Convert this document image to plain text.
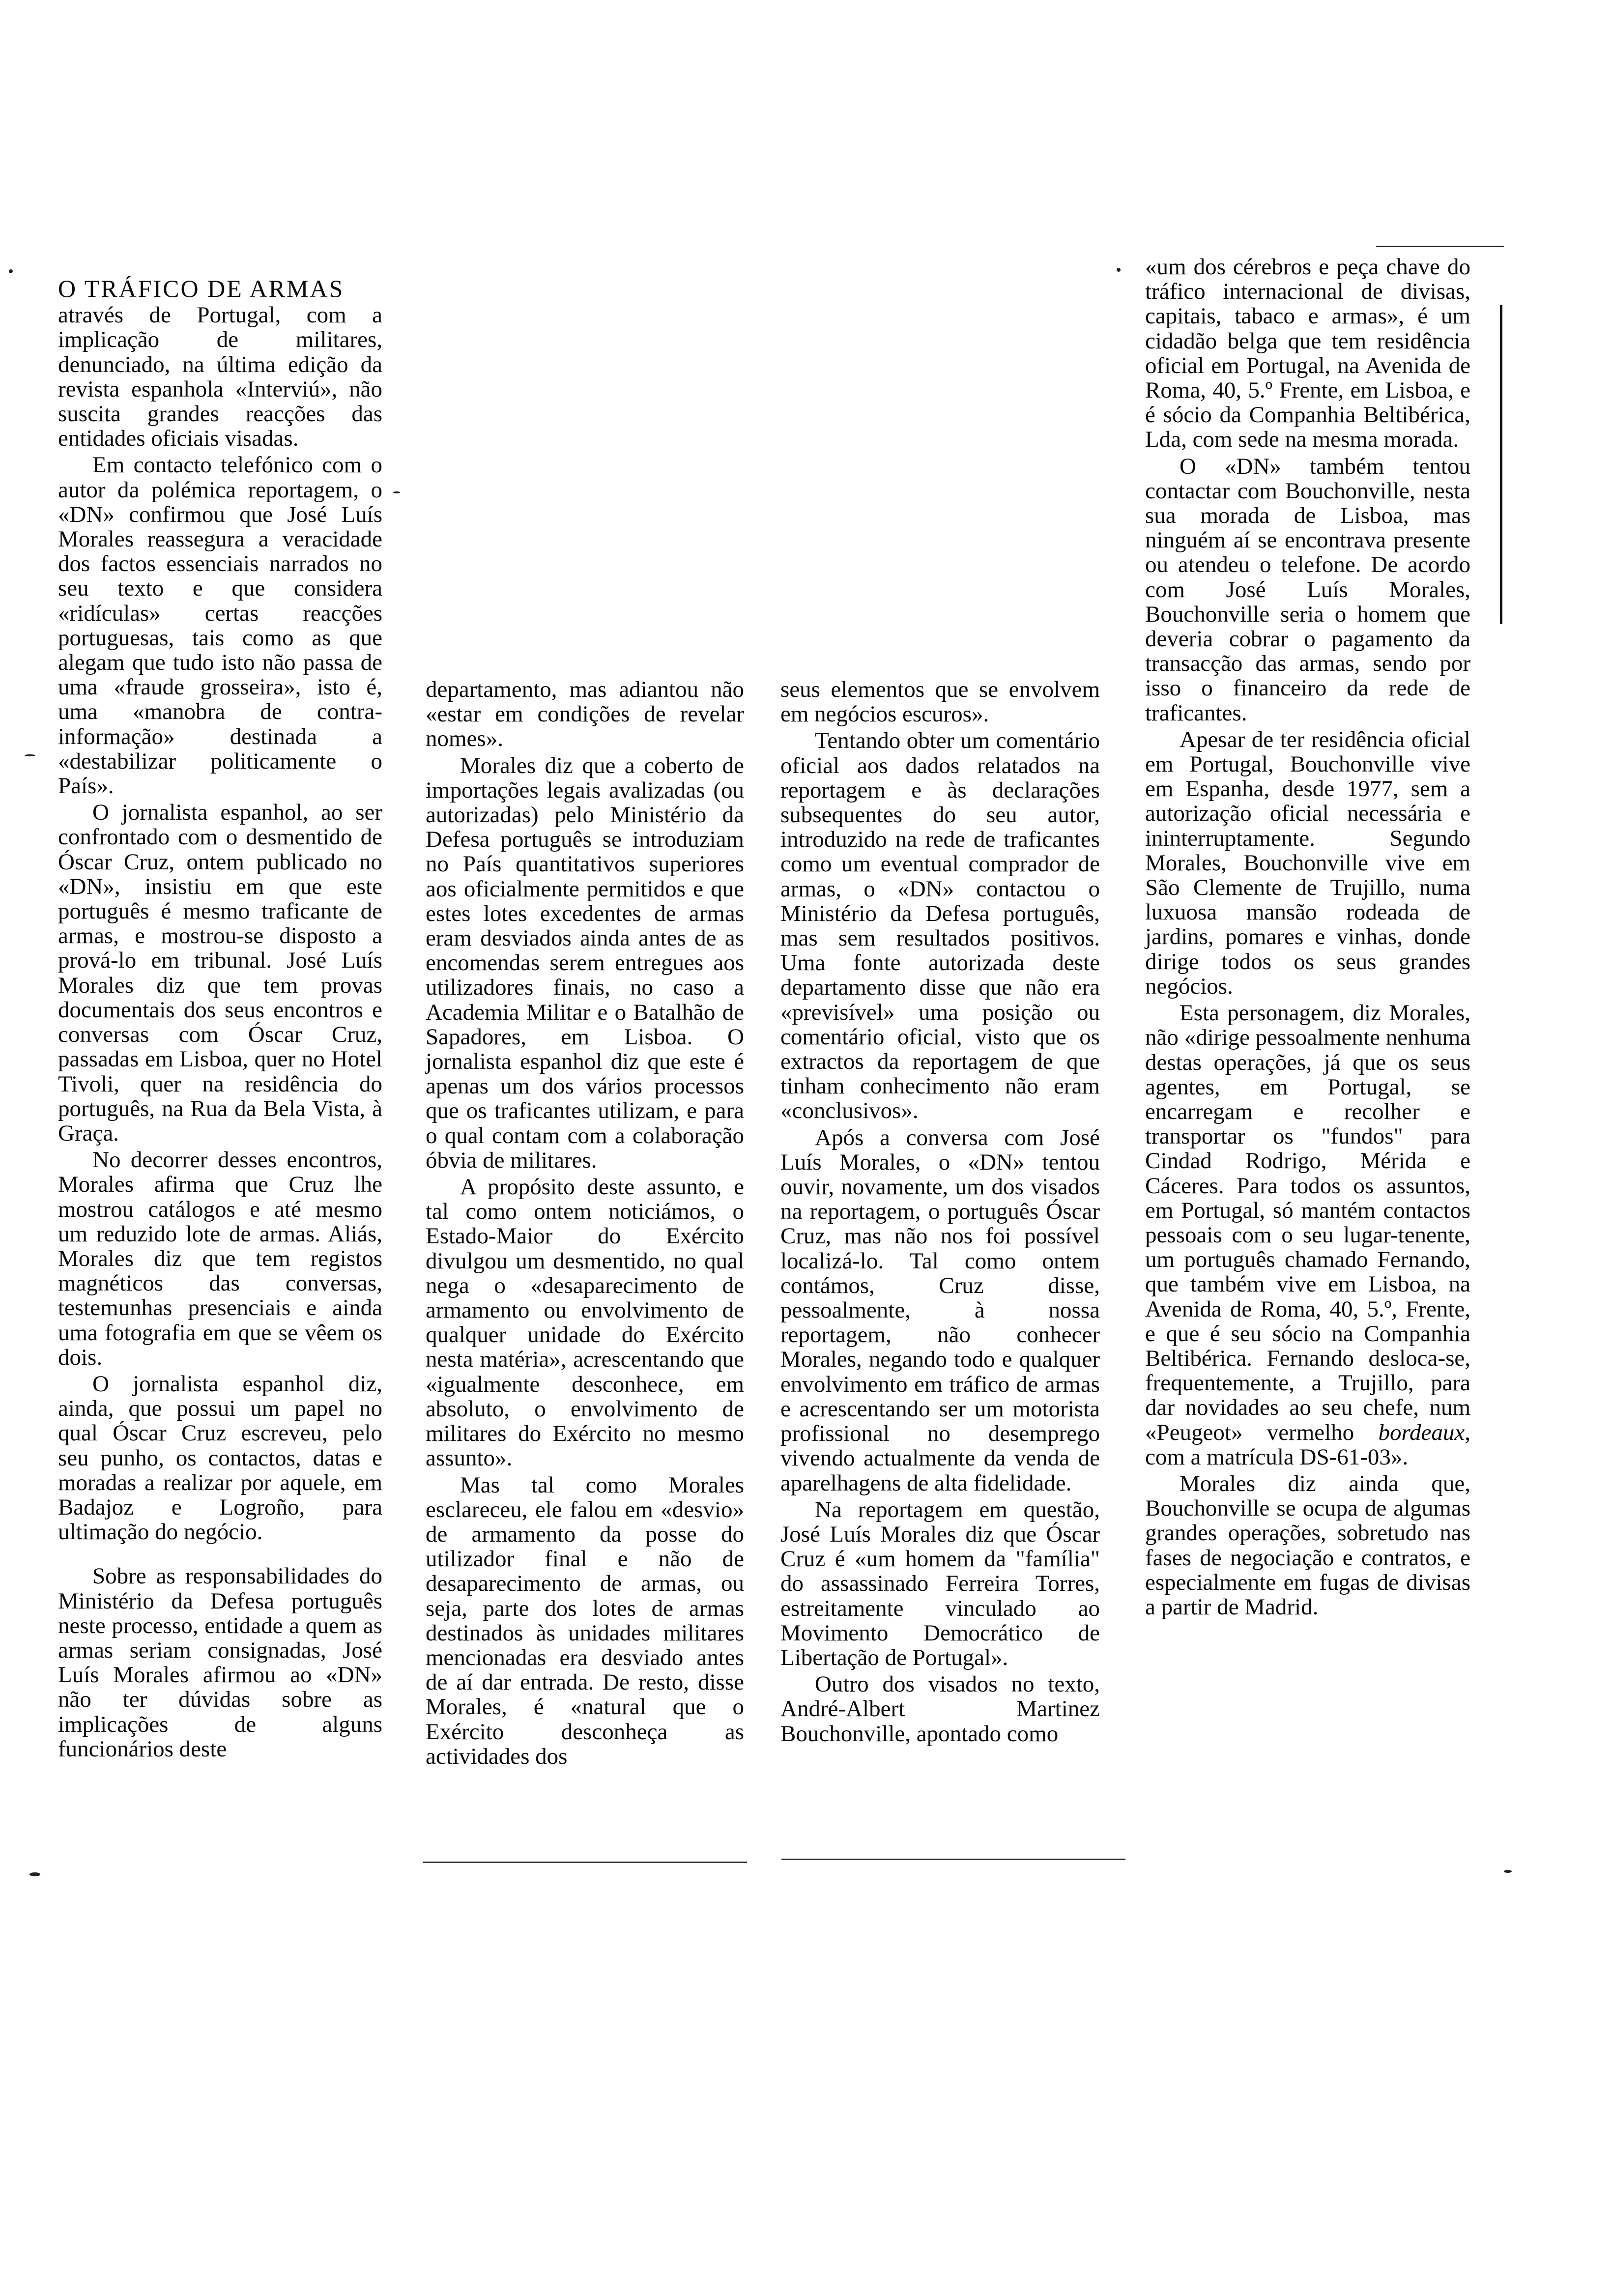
O TRÁFICO DE ARMAS

através de Portugal, com a implicação de militares, denunciado, na última edição da revista espanhola «Interviú», não suscita grandes reacções das entidades oficiais visadas.

Em contacto telefónico com o autor da polémica reportagem, o «DN» confirmou que José Luís Morales reassegura a veracidade dos factos essenciais narrados no seu texto e que considera «ridículas» certas reacções portuguesas, tais como as que alegam que tudo isto não passa de uma «fraude grosseira», isto é, uma «manobra de contra-informação» destinada a «destabilizar politicamente o País».

O jornalista espanhol, ao ser confrontado com o desmentido de Óscar Cruz, ontem publicado no «DN», insistiu em que este português é mesmo traficante de armas, e mostrou-se disposto a prová-lo em tribunal. José Luís Morales diz que tem provas documentais dos seus encontros e conversas com Óscar Cruz, passadas em Lisboa, quer no Hotel Tivoli, quer na residência do português, na Rua da Bela Vista, à Graça.

No decorrer desses encontros, Morales afirma que Cruz lhe mostrou catálogos e até mesmo um reduzido lote de armas. Aliás, Morales diz que tem registos magnéticos das conversas, testemunhas presenciais e ainda uma fotografia em que se vêem os dois.

O jornalista espanhol diz, ainda, que possui um papel no qual Óscar Cruz escreveu, pelo seu punho, os contactos, datas e moradas a realizar por aquele, em Badajoz e Logroño, para ultimação do negócio.

Sobre as responsabilidades do Ministério da Defesa português neste processo, entidade a quem as armas seriam consignadas, José Luís Morales afirmou ao «DN» não ter dúvidas sobre as implicações de alguns funcionários deste

departamento, mas adiantou não «estar em condições de revelar nomes».

Morales diz que a coberto de importações legais avalizadas (ou autorizadas) pelo Ministério da Defesa português se introduziam no País quantitativos superiores aos oficialmente permitidos e que estes lotes excedentes de armas eram desviados ainda antes de as encomendas serem entregues aos utilizadores finais, no caso a Academia Militar e o Batalhão de Sapadores, em Lisboa. O jornalista espanhol diz que este é apenas um dos vários processos que os traficantes utilizam, e para o qual contam com a colaboração óbvia de militares.

A propósito deste assunto, e tal como ontem noticiámos, o Estado-Maior do Exército divulgou um desmentido, no qual nega o «desaparecimento de armamento ou envolvimento de qualquer unidade do Exército nesta matéria», acrescentando que «igualmente desconhece, em absoluto, o envolvimento de militares do Exército no mesmo assunto».

Mas tal como Morales esclareceu, ele falou em «desvio» de armamento da posse do utilizador final e não de desaparecimento de armas, ou seja, parte dos lotes de armas destinados às unidades militares mencionadas era desviado antes de aí dar entrada. De resto, disse Morales, é «natural que o Exército desconheça as actividades dos

seus elementos que se envolvem em negócios escuros».

Tentando obter um comentário oficial aos dados relatados na reportagem e às declarações subsequentes do seu autor, introduzido na rede de traficantes como um eventual comprador de armas, o «DN» contactou o Ministério da Defesa português, mas sem resultados positivos. Uma fonte autorizada deste departamento disse que não era «previsível» uma posição ou comentário oficial, visto que os extractos da reportagem de que tinham conhecimento não eram «conclusivos».

Após a conversa com José Luís Morales, o «DN» tentou ouvir, novamente, um dos visados na reportagem, o português Óscar Cruz, mas não nos foi possível localizá-lo. Tal como ontem contámos, Cruz disse, pessoalmente, à nossa reportagem, não conhecer Morales, negando todo e qualquer envolvimento em tráfico de armas e acrescentando ser um motorista profissional no desemprego vivendo actualmente da venda de aparelhagens de alta fidelidade.

Na reportagem em questão, José Luís Morales diz que Óscar Cruz é «um homem da "família" do assassinado Ferreira Torres, estreitamente vinculado ao Movimento Democrático de Libertação de Portugal».

Outro dos visados no texto, André-Albert Martinez Bouchonville, apontado como

«um dos cérebros e peça chave do tráfico internacional de divisas, capitais, tabaco e armas», é um cidadão belga que tem residência oficial em Portugal, na Avenida de Roma, 40, 5.º Frente, em Lisboa, e é sócio da Companhia Beltibérica, Lda, com sede na mesma morada.

O «DN» também tentou contactar com Bouchonville, nesta sua morada de Lisboa, mas ninguém aí se encontrava presente ou atendeu o telefone. De acordo com José Luís Morales, Bouchonville seria o homem que deveria cobrar o pagamento da transacção das armas, sendo por isso o financeiro da rede de traficantes.

Apesar de ter residência oficial em Portugal, Bouchonville vive em Espanha, desde 1977, sem a autorização oficial necessária e ininterruptamente. Segundo Morales, Bouchonville vive em São Clemente de Trujillo, numa luxuosa mansão rodeada de jardins, pomares e vinhas, donde dirige todos os seus grandes negócios.

Esta personagem, diz Morales, não «dirige pessoalmente nenhuma destas operações, já que os seus agentes, em Portugal, se encarregam e recolher e transportar os "fundos" para Cindad Rodrigo, Mérida e Cáceres. Para todos os assuntos, em Portugal, só mantém contactos pessoais com o seu lugar-tenente, um português chamado Fernando, que também vive em Lisboa, na Avenida de Roma, 40, 5.º, Frente, e que é seu sócio na Companhia Beltibérica. Fernando desloca-se, frequentemente, a Trujillo, para dar novidades ao seu chefe, num «Peugeot» vermelho bordeaux, com a matrícula DS-61-03».

Morales diz ainda que, Bouchonville se ocupa de algumas grandes operações, sobretudo nas fases de negociação e contratos, e especialmente em fugas de divisas a partir de Madrid.
